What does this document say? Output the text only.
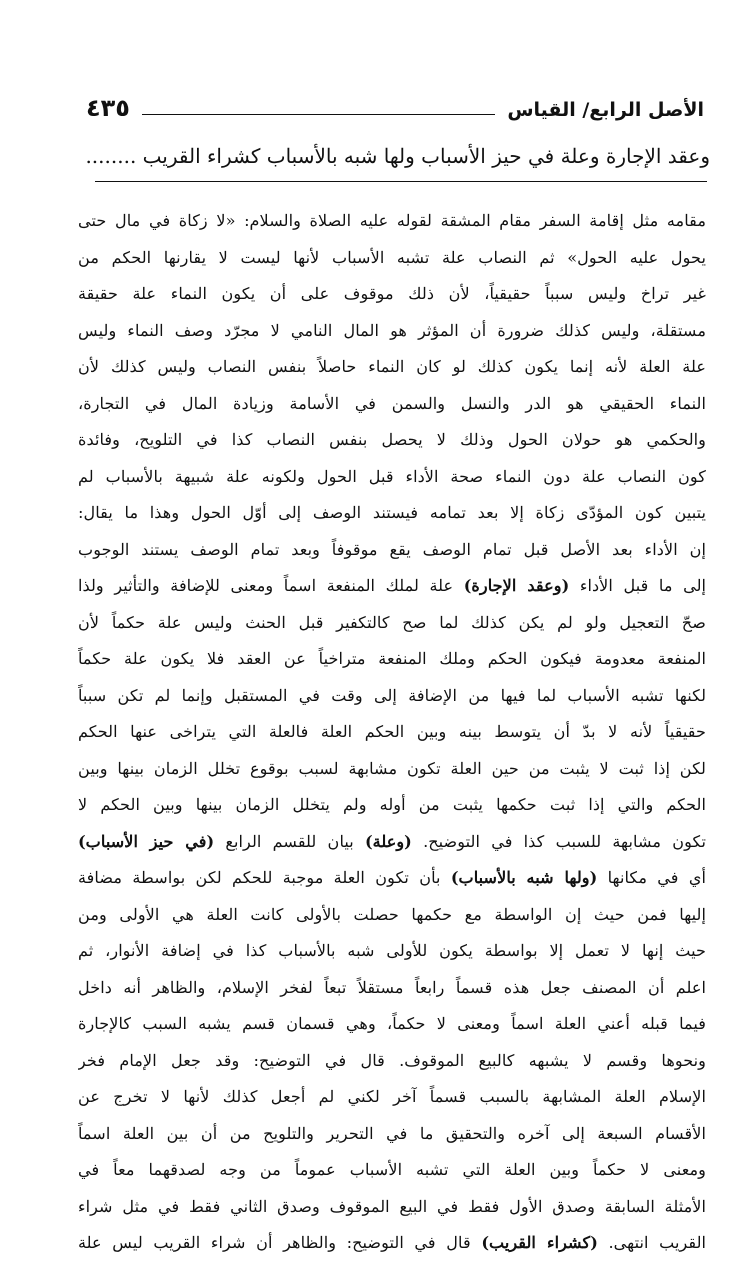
الأصل الرابع/ القياس
٤٣٥
وعقد الإجارة وعلة في حيز الأسباب ولها شبه بالأسباب كشراء القريب ........
مقامه مثل إقامة السفر مقام المشقة لقوله عليه الصلاة والسلام: «لا زكاة في مال حتى
يحول عليه الحول» ثم النصاب علة تشبه الأسباب لأنها ليست لا يقارنها الحكم من
غير تراخ وليس سبباً حقيقياً، لأن ذلك موقوف على أن يكون النماء علة حقيقة
مستقلة، وليس كذلك ضرورة أن المؤثر هو المال النامي لا مجرّد وصف النماء وليس
علة العلة لأنه إنما يكون كذلك لو كان النماء حاصلاً بنفس النصاب وليس كذلك لأن
النماء الحقيقي هو الدر والنسل والسمن في الأسامة وزيادة المال في التجارة،
والحكمي هو حولان الحول وذلك لا يحصل بنفس النصاب كذا في التلويح، وفائدة
كون النصاب علة دون النماء صحة الأداء قبل الحول ولكونه علة شبيهة بالأسباب لم
يتبين كون المؤدّى زكاة إلا بعد تمامه فيستند الوصف إلى أوّل الحول وهذا ما يقال:
إن الأداء بعد الأصل قبل تمام الوصف يقع موقوفاً وبعد تمام الوصف يستند الوجوب
إلى ما قبل الأداء (وعقد الإجارة) علة لملك المنفعة اسماً ومعنى للإضافة والتأثير ولذا
صحّ التعجيل ولو لم يكن كذلك لما صح كالتكفير قبل الحنث وليس علة حكماً لأن
المنفعة معدومة فيكون الحكم وملك المنفعة متراخياً عن العقد فلا يكون علة حكماً
لكنها تشبه الأسباب لما فيها من الإضافة إلى وقت في المستقبل وإنما لم تكن سبباً
حقيقياً لأنه لا بدّ أن يتوسط بينه وبين الحكم العلة فالعلة التي يتراخى عنها الحكم
لكن إذا ثبت لا يثبت من حين العلة تكون مشابهة لسبب بوقوع تخلل الزمان بينها وبين
الحكم والتي إذا ثبت حكمها يثبت من أوله ولم يتخلل الزمان بينها وبين الحكم لا
تكون مشابهة للسبب كذا في التوضيح. (وعلة) بيان للقسم الرابع (في حيز الأسباب)
أي في مكانها (ولها شبه بالأسباب) بأن تكون العلة موجبة للحكم لكن بواسطة مضافة
إليها فمن حيث إن الواسطة مع حكمها حصلت بالأولى كانت العلة هي الأولى ومن
حيث إنها لا تعمل إلا بواسطة يكون للأولى شبه بالأسباب كذا في إضافة الأنوار، ثم
اعلم أن المصنف جعل هذه قسماً رابعاً مستقلاً تبعاً لفخر الإسلام، والظاهر أنه داخل
فيما قبله أعني العلة اسماً ومعنى لا حكماً، وهي قسمان قسم يشبه السبب كالإجارة
ونحوها وقسم لا يشبهه كالبيع الموقوف. قال في التوضيح: وقد جعل الإمام فخر
الإسلام العلة المشابهة بالسبب قسماً آخر لكني لم أجعل كذلك لأنها لا تخرج عن
الأقسام السبعة إلى آخره والتحقيق ما في التحرير والتلويح من أن بين العلة اسماً
ومعنى لا حكماً وبين العلة التي تشبه الأسباب عموماً من وجه لصدقهما معاً في
الأمثلة السابقة وصدق الأول فقط في البيع الموقوف وصدق الثاني فقط في مثل شراء
القريب انتهى. (كشراء القريب) قال في التوضيح: والظاهر أن شراء القريب ليس علة
